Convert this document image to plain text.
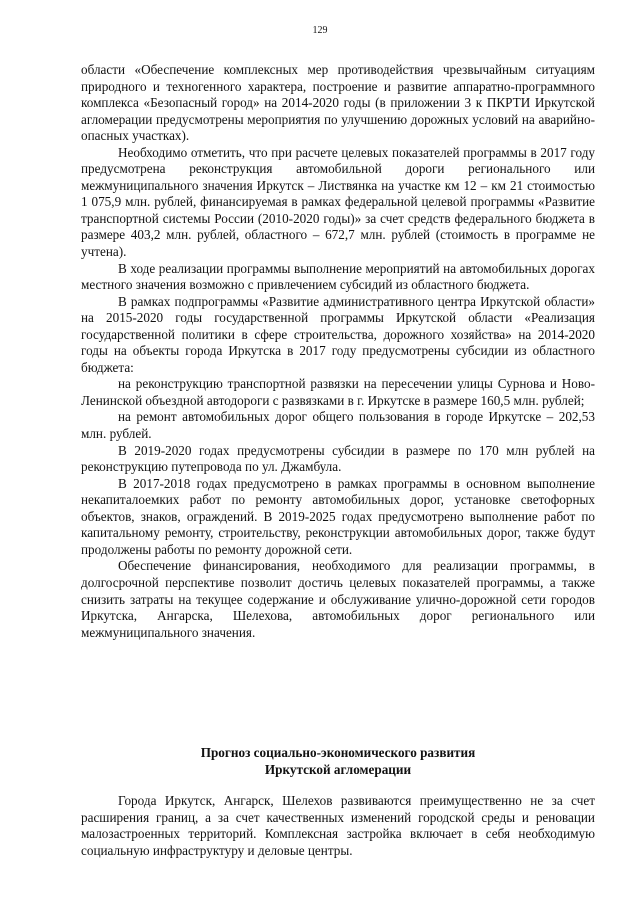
129

области «Обеспечение комплексных мер противодействия чрезвычайным ситуациям природного и техногенного характера, построение и развитие аппаратно-программного комплекса «Безопасный город» на 2014-2020 годы (в приложении 3 к ПКРТИ Иркутской агломерации предусмотрены мероприятия по улучшению дорожных условий на аварийно-опасных участках).

Необходимо отметить, что при расчете целевых показателей программы в 2017 году предусмотрена реконструкция автомобильной дороги регионального или межмуниципального значения Иркутск – Листвянка на участке км 12 – км 21 стоимостью 1 075,9 млн. рублей, финансируемая в рамках федеральной целевой программы «Развитие транспортной системы России (2010-2020 годы)» за счет средств федерального бюджета в размере 403,2 млн. рублей, областного – 672,7 млн. рублей (стоимость в программе не учтена).

В ходе реализации программы выполнение мероприятий на автомобильных дорогах местного значения возможно с привлечением субсидий из областного бюджета.

В рамках подпрограммы «Развитие административного центра Иркутской области» на 2015-2020 годы государственной программы Иркутской области «Реализация государственной политики в сфере строительства, дорожного хозяйства» на 2014-2020 годы на объекты города Иркутска в 2017 году предусмотрены субсидии из областного бюджета:

на реконструкцию транспортной развязки на пересечении улицы Сурнова и Ново-Ленинской объездной автодороги с развязками в г. Иркутске в размере 160,5 млн. рублей;

на ремонт автомобильных дорог общего пользования в городе Иркутске – 202,53 млн. рублей.

В 2019-2020 годах предусмотрены субсидии в размере по 170 млн рублей на реконструкцию путепровода по ул. Джамбула.

В 2017-2018 годах предусмотрено в рамках программы в основном выполнение некапиталоемких работ по ремонту автомобильных дорог, установке светофорных объектов, знаков, ограждений. В 2019-2025 годах предусмотрено выполнение работ по капитальному ремонту, строительству, реконструкции автомобильных дорог, также будут продолжены работы по ремонту дорожной сети.

Обеспечение финансирования, необходимого для реализации программы, в долгосрочной перспективе позволит достичь целевых показателей программы, а также снизить затраты на текущее содержание и обслуживание улично-дорожной сети городов Иркутска, Ангарска, Шелехова, автомобильных дорог регионального или межмуниципального значения.

Прогноз социально-экономического развития
Иркутской агломерации

Города Иркутск, Ангарск, Шелехов развиваются преимущественно не за счет расширения границ, а за счет качественных изменений городской среды и реновации малозастроенных территорий. Комплексная застройка включает в себя необходимую социальную инфраструктуру и деловые центры.
